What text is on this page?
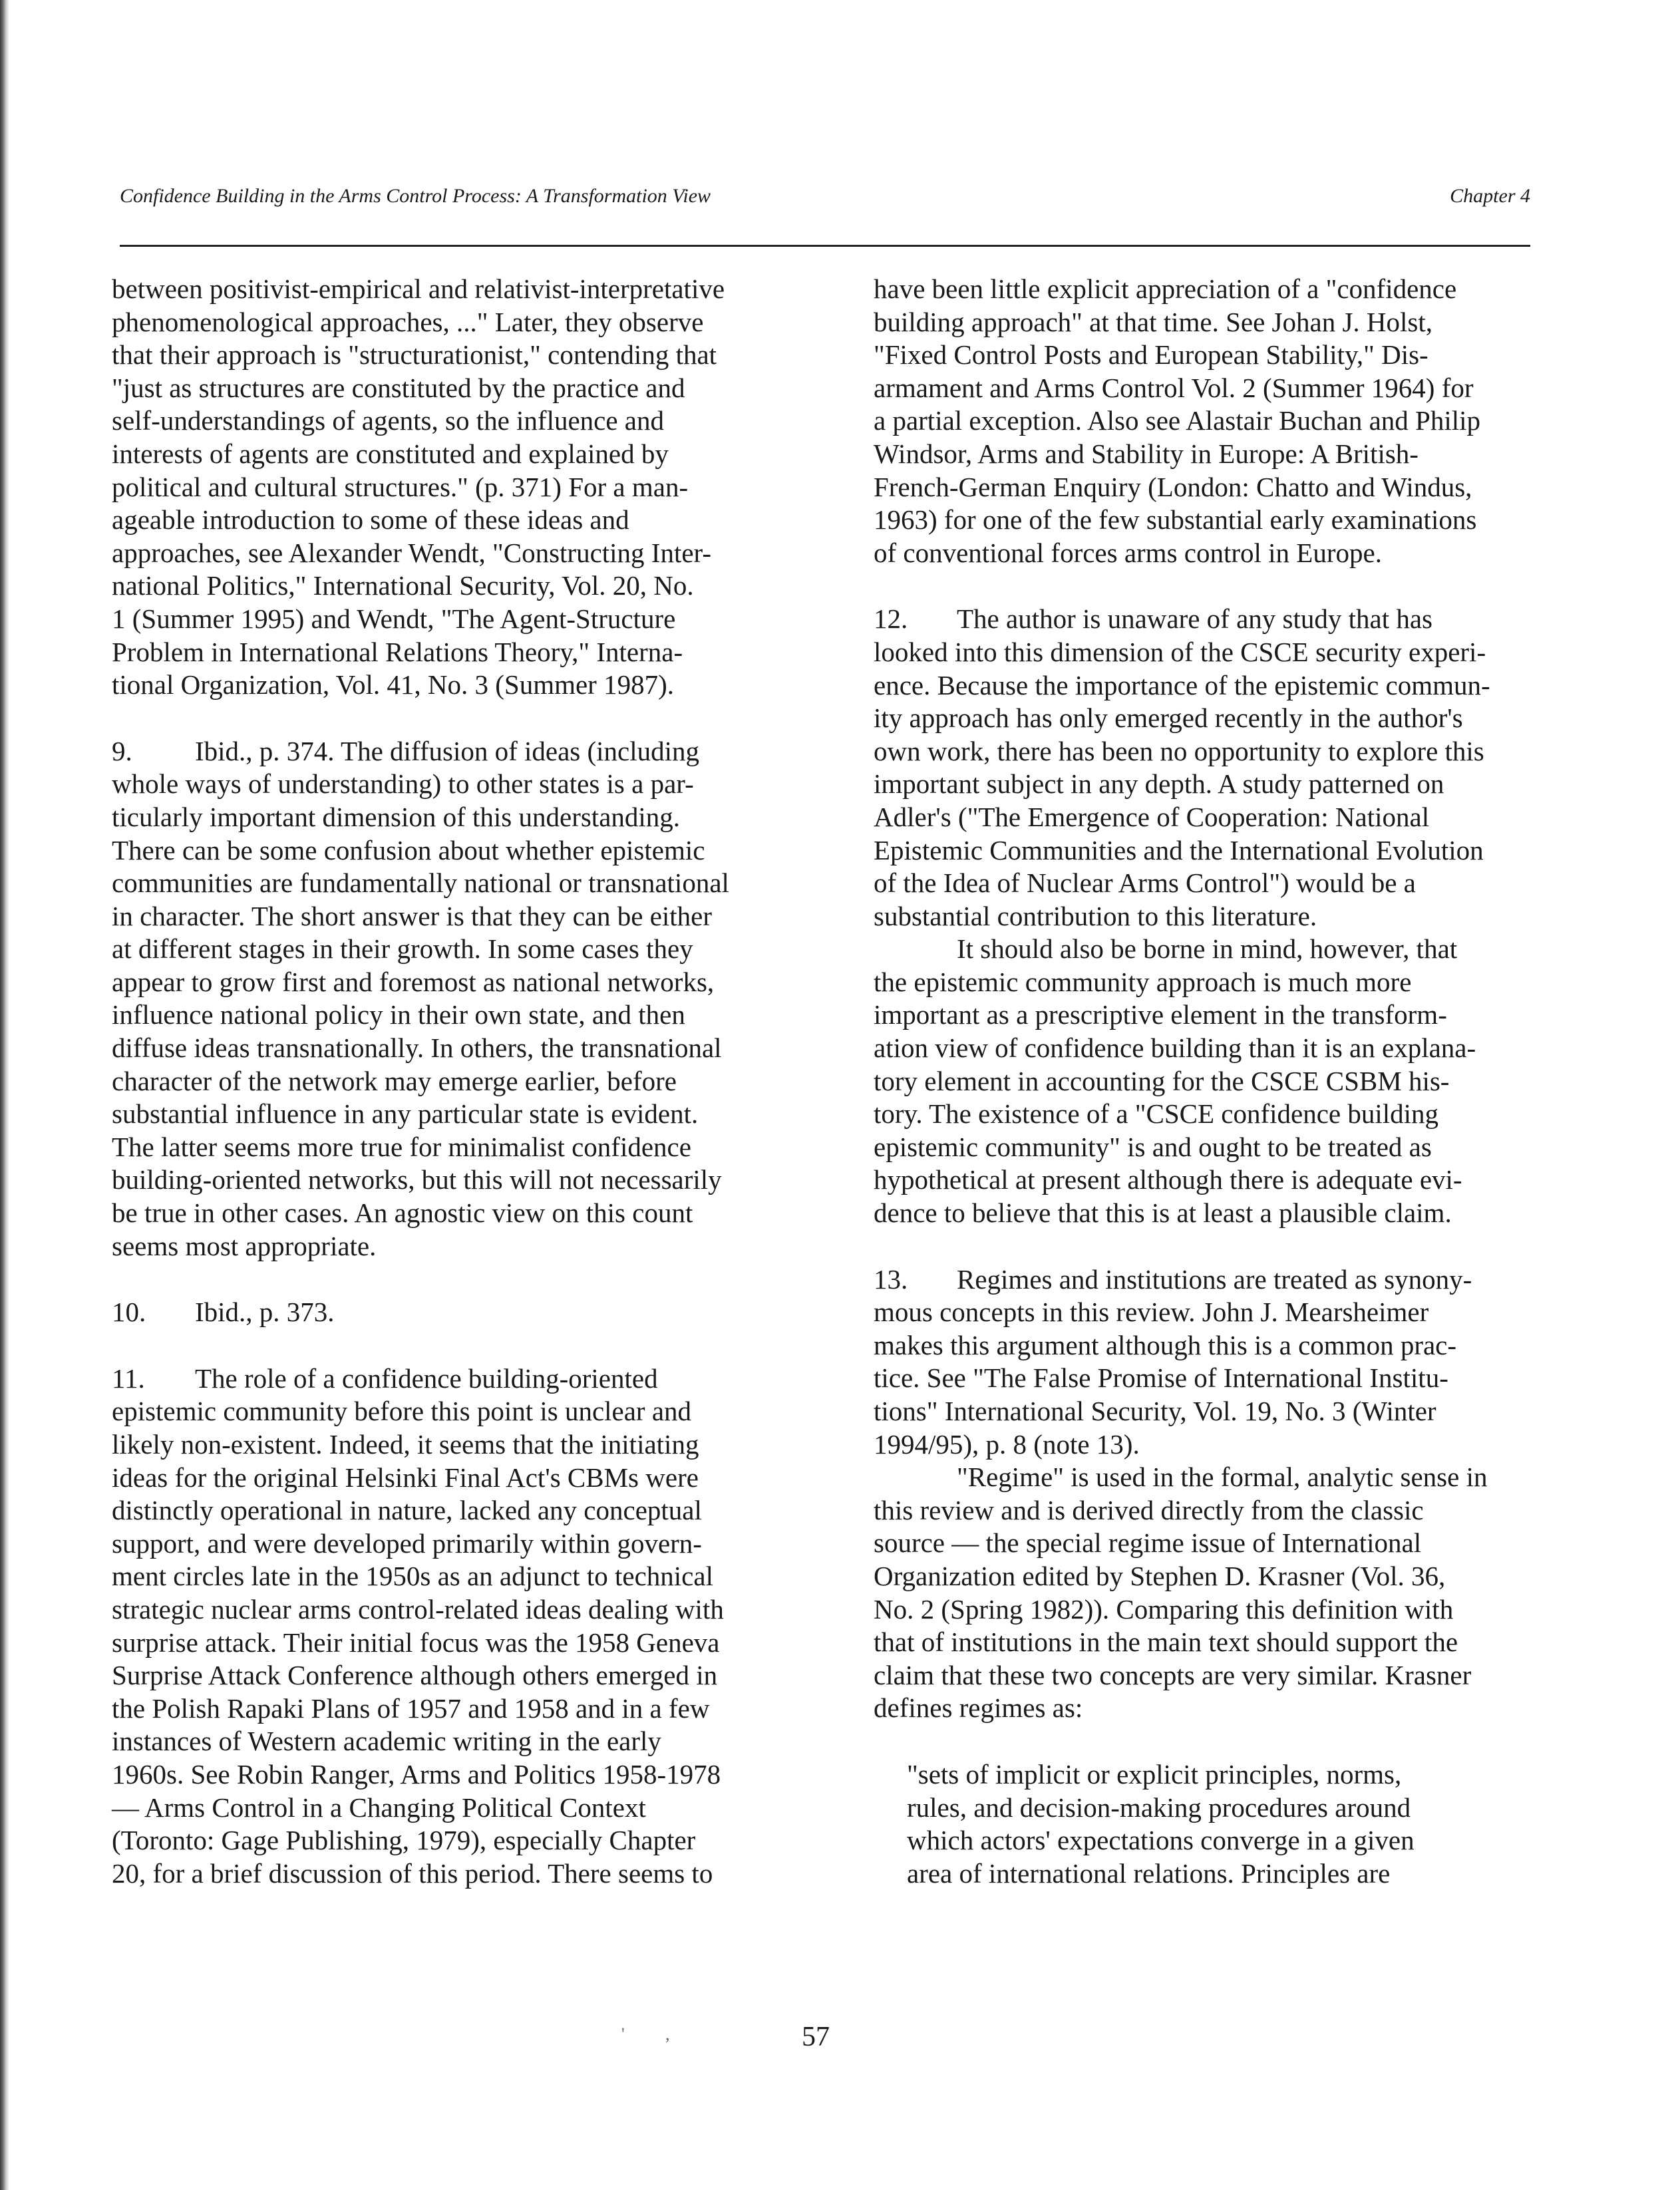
Confidence Building in the Arms Control Process: A Transformation View	Chapter 4
between positivist-empirical and relativist-interpretative
phenomenological approaches, ..." Later, they observe
that their approach is "structurationist," contending that
"just as structures are constituted by the practice and
self-understandings of agents, so the influence and
interests of agents are constituted and explained by
political and cultural structures." (p. 371) For a man-
ageable introduction to some of these ideas and
approaches, see Alexander Wendt, "Constructing Inter-
national Politics," International Security, Vol. 20, No.
1 (Summer 1995) and Wendt, "The Agent-Structure
Problem in International Relations Theory," Interna-
tional Organization, Vol. 41, No. 3 (Summer 1987).
9. Ibid., p. 374. The diffusion of ideas (including
whole ways of understanding) to other states is a par-
ticularly important dimension of this understanding.
There can be some confusion about whether epistemic
communities are fundamentally national or transnational
in character. The short answer is that they can be either
at different stages in their growth. In some cases they
appear to grow first and foremost as national networks,
influence national policy in their own state, and then
diffuse ideas transnationally. In others, the transnational
character of the network may emerge earlier, before
substantial influence in any particular state is evident.
The latter seems more true for minimalist confidence
building-oriented networks, but this will not necessarily
be true in other cases. An agnostic view on this count
seems most appropriate.
10. Ibid., p. 373.
11. The role of a confidence building-oriented
epistemic community before this point is unclear and
likely non-existent. Indeed, it seems that the initiating
ideas for the original Helsinki Final Act's CBMs were
distinctly operational in nature, lacked any conceptual
support, and were developed primarily within govern-
ment circles late in the 1950s as an adjunct to technical
strategic nuclear arms control-related ideas dealing with
surprise attack. Their initial focus was the 1958 Geneva
Surprise Attack Conference although others emerged in
the Polish Rapaki Plans of 1957 and 1958 and in a few
instances of Western academic writing in the early
1960s. See Robin Ranger, Arms and Politics 1958-1978
— Arms Control in a Changing Political Context
(Toronto: Gage Publishing, 1979), especially Chapter
20, for a brief discussion of this period. There seems to
have been little explicit appreciation of a "confidence
building approach" at that time. See Johan J. Holst,
"Fixed Control Posts and European Stability," Dis-
armament and Arms Control Vol. 2 (Summer 1964) for
a partial exception. Also see Alastair Buchan and Philip
Windsor, Arms and Stability in Europe: A British-
French-German Enquiry (London: Chatto and Windus,
1963) for one of the few substantial early examinations
of conventional forces arms control in Europe.
12. The author is unaware of any study that has
looked into this dimension of the CSCE security experi-
ence. Because the importance of the epistemic commun-
ity approach has only emerged recently in the author's
own work, there has been no opportunity to explore this
important subject in any depth. A study patterned on
Adler's ("The Emergence of Cooperation: National
Epistemic Communities and the International Evolution
of the Idea of Nuclear Arms Control") would be a
substantial contribution to this literature.
It should also be borne in mind, however, that
the epistemic community approach is much more
important as a prescriptive element in the transform-
ation view of confidence building than it is an explana-
tory element in accounting for the CSCE CSBM his-
tory. The existence of a "CSCE confidence building
epistemic community" is and ought to be treated as
hypothetical at present although there is adequate evi-
dence to believe that this is at least a plausible claim.
13. Regimes and institutions are treated as synony-
mous concepts in this review. John J. Mearsheimer
makes this argument although this is a common prac-
tice. See "The False Promise of International Institu-
tions" International Security, Vol. 19, No. 3 (Winter
1994/95), p. 8 (note 13).
"Regime" is used in the formal, analytic sense in
this review and is derived directly from the classic
source — the special regime issue of International
Organization edited by Stephen D. Krasner (Vol. 36,
No. 2 (Spring 1982)). Comparing this definition with
that of institutions in the main text should support the
claim that these two concepts are very similar. Krasner
defines regimes as:
"sets of implicit or explicit principles, norms,
rules, and decision-making procedures around
which actors' expectations converge in a given
area of international relations. Principles are
' ,	57
